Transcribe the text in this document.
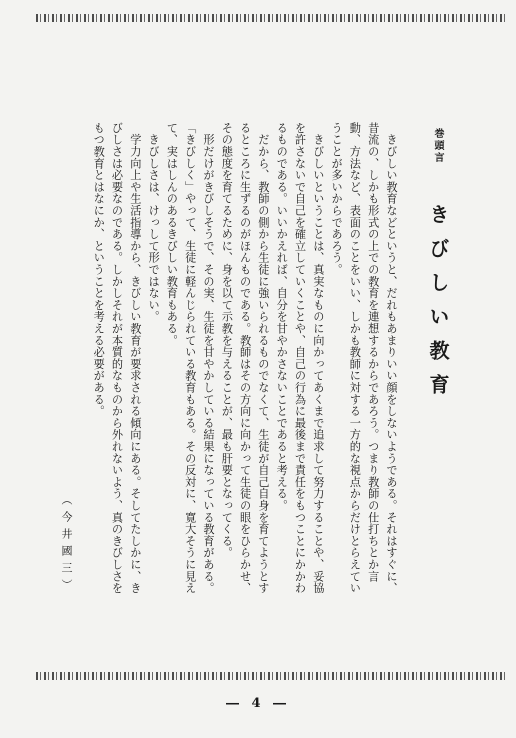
巻頭言
きびしい教育
　きびしい教育などというと、だれもあまりいい顔をしないようである。それはすぐに、
昔流の、しかも形式の上での教育を連想するからであろう。つまり教師の仕打ちとか言
動、方法など、表面のことをいい、しかも教師に対する一方的な視点からだけとらえてい
うことが多いからであろう。
　きびしいということは、真実なものに向かってあくまで追求して努力することや、妥協
を許さないで自己を確立していくことや、自己の行為に最後まで責任をもつことにかかわ
るものである。いいかえれば、自分を甘やかさないことであると考える。
　だから、教師の側から生徒に強いられるものでなくて、生徒が自己自身を育てようとす
るところに生ずるのがほんものである。教師はその方向に向かって生徒の眼をひらかせ、
その態度を育てるために、身を以て示教を与えることが、最も肝要となってくる。
　形だけがきびしそうで、その実、生徒を甘やかしている結果になっている教育がある。
「きびしく」やって、生徒に軽んじられている教育もある。その反対に、寛大そうに見え
て、実はしんのあるきびしい教育もある。
　きびしさは、けっして形ではない。
　学力向上や生活指導から、きびしい教育が要求される傾向にある。そしてたしかに、き
びしさは必要なのである。しかしそれが本質的なものから外れないよう、真のきびしさを
もつ教育とはなにか、ということを考える必要がある。
（今井國三）
― 4 ―
